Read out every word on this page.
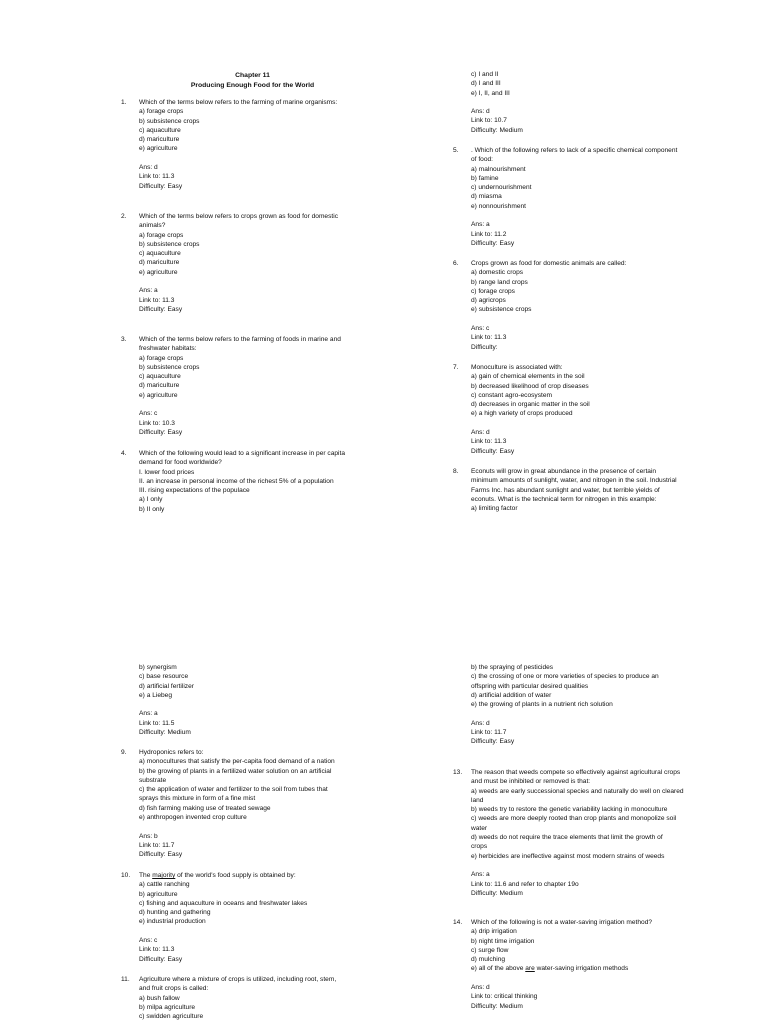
Chapter 11
Producing Enough Food for the World
1.	Which of the terms below refers to the farming of marine organisms:
a) forage crops
b) subsistence crops
c) aquaculture
d) mariculture
e) agriculture
Ans: d
Link to: 11.3
Difficulty: Easy
2.	Which of the terms below refers to crops grown as food for domestic
animals?
a) forage crops
b) subsistence crops
c) aquaculture
d) mariculture
e) agriculture
Ans: a
Link to: 11.3
Difficulty: Easy
3.	Which of the terms below refers to the farming of foods in marine and
freshwater habitats:
a) forage crops
b) subsistence crops
c) aquaculture
d) mariculture
e) agriculture
Ans: c
Link to: 10.3
Difficulty: Easy
4.	Which of the following would lead to a significant increase in per capita
demand for food worldwide?
I. lower food prices
II. an increase in personal income of the richest 5% of a population
III. rising expectations of the populace
a) I only
b) II only
c) I and II
d) I and III
e) I, II, and III
Ans: d
Link to: 10.7
Difficulty: Medium
5.	. Which of the following refers to lack of a specific chemical component
of food:
a) malnourishment
b) famine
c) undernourishment
d) miasma
e) nonnourishment
Ans: a
Link to: 11.2
Difficulty: Easy
6.	Crops grown as food for domestic animals are called:
a) domestic crops
b) range land crops
c) forage crops
d) agricrops
e) subsistence crops
Ans: c
Link to: 11.3
Difficulty:
7.	Monoculture is associated with:
a) gain of chemical elements in the soil
b) decreased likelihood of crop diseases
c) constant agro-ecosystem
d) decreases in organic matter in the soil
e) a high variety of crops produced
Ans: d
Link to: 11.3
Difficulty: Easy
8.	Econuts will grow in great abundance in the presence of certain
minimum amounts of sunlight, water, and nitrogen in the soil. Industrial
Farms Inc. has abundant sunlight and water, but terrible yields of
econuts. What is the technical term for nitrogen in this example:
a) limiting factor
b) synergism
c) base resource
d) artificial fertilizer
e) a Liebeg
Ans: a
Link to: 11.5
Difficulty: Medium
9.	Hydroponics refers to:
a) monocultures that satisfy the per-capita food demand of a nation
b) the growing of plants in a fertilized water solution on an artificial
substrate
c) the application of water and fertilizer to the soil from tubes that
sprays this mixture in form of a fine mist
d) fish farming making use of treated sewage
e) anthropogen invented crop culture
Ans: b
Link to: 11.7
Difficulty: Easy
10.	The majority of the world's food supply is obtained by:
a) cattle ranching
b) agriculture
c) fishing and aquaculture in oceans and freshwater lakes
d) hunting and gathering
e) industrial production
Ans: c
Link to: 11.3
Difficulty: Easy
11.	Agriculture where a mixture of crops is utilized, including root, stem,
and fruit crops is called:
a) bush fallow
b) milpa agriculture
c) swidden agriculture
b) the spraying of pesticides
c) the crossing of one or more varieties of species to produce an
offspring with particular desired qualities
d) artificial addition of water
e) the growing of plants in a nutrient rich solution
Ans: d
Link to: 11.7
Difficulty: Easy
13.	The reason that weeds compete so effectively against agricultural crops
and must be inhibited or removed is that:
a) weeds are early successional species and naturally do well on cleared
land
b) weeds try to restore the genetic variability lacking in monoculture
c) weeds are more deeply rooted than crop plants and monopolize soil
water
d) weeds do not require the trace elements that limit the growth of
crops
e) herbicides are ineffective against most modern strains of weeds
Ans: a
Link to: 11.6 and refer to chapter 19o
Difficulty: Medium
14.	Which of the following is not a water-saving irrigation method?
a) drip irrigation
b) night time irrigation
c) surge flow
d) mulching
e) all of the above are water-saving irrigation methods
Ans: d
Link to: critical thinking
Difficulty: Medium
